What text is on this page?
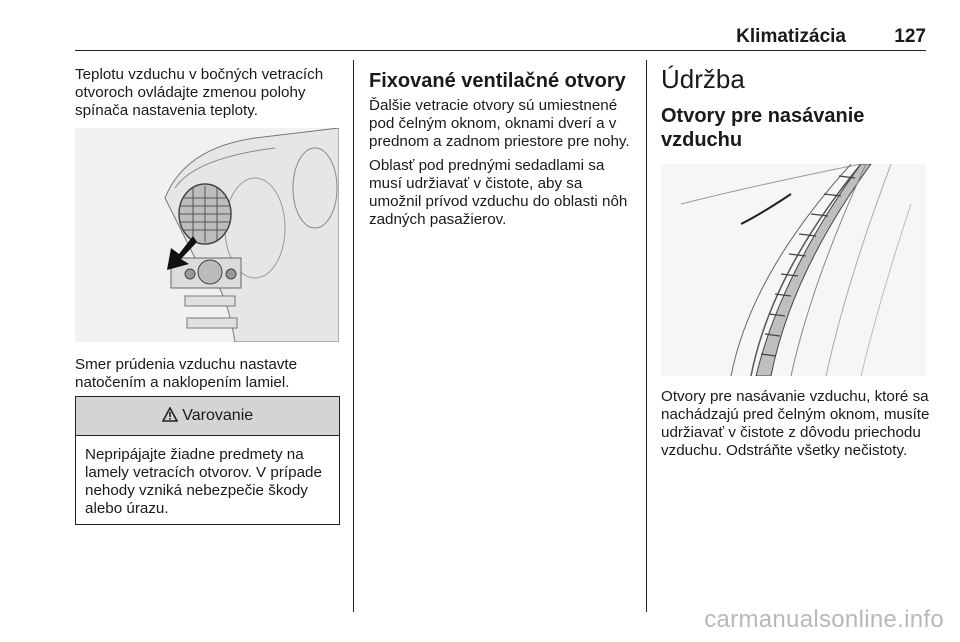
Klimatizácia	127

Teplotu vzduchu v bočných vetracích otvoroch ovládajte zmenou polohy spínača nastavenia teploty.

Smer prúdenia vzduchu nastavte natočením a naklopením lamiel.

Varovanie

Nepripájajte žiadne predmety na lamely vetracích otvorov. V prípade nehody vzniká nebezpečie škody alebo úrazu.

Fixované ventilačné otvory

Ďalšie vetracie otvory sú umiestnené pod čelným oknom, oknami dverí a v prednom a zadnom priestore pre nohy.

Oblasť pod prednými sedadlami sa musí udržiavať v čistote, aby sa umožnil prívod vzduchu do oblasti nôh zadných pasažierov.

Údržba
Otvory pre nasávanie vzduchu

Otvory pre nasávanie vzduchu, ktoré sa nachádzajú pred čelným oknom, musíte udržiavať v čistote z dôvodu priechodu vzduchu. Odstráňte všetky nečistoty.

carmanualsonline.info
